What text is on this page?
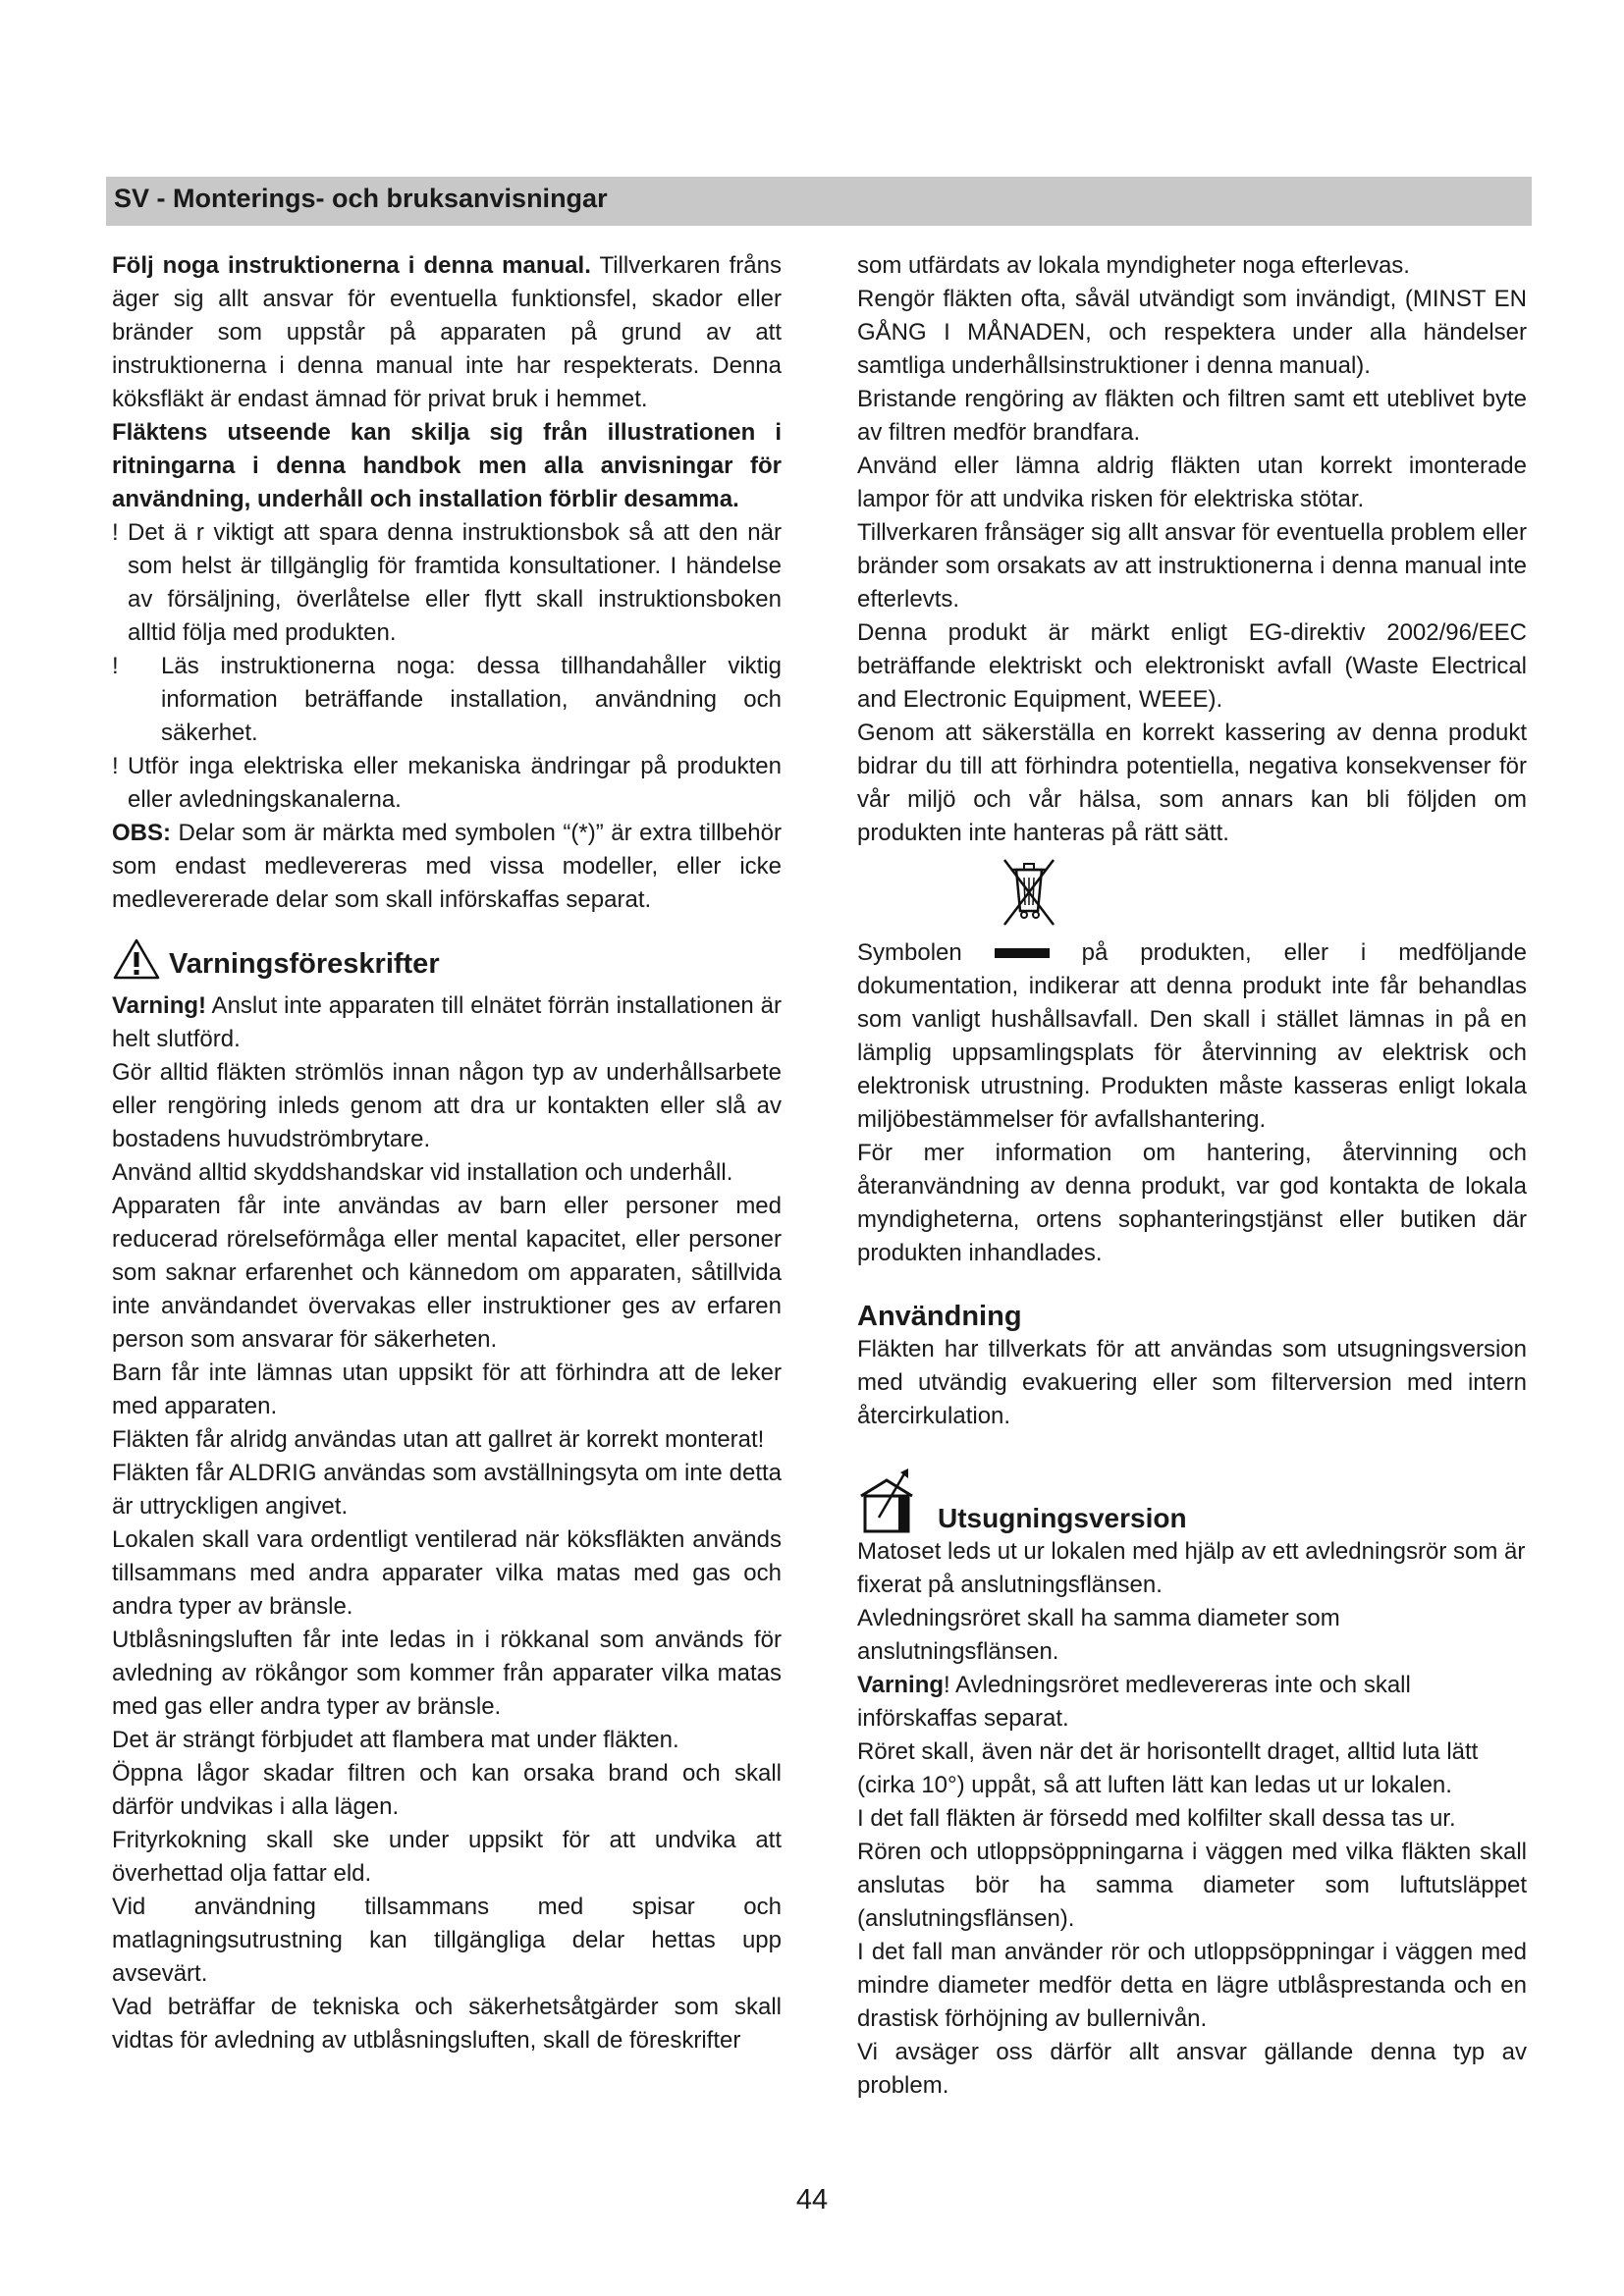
SV - Monterings- och bruksanvisningar

Följ noga instruktionerna i denna manual. Tillverkaren fråns äger sig allt ansvar för eventuella funktionsfel, skador eller bränder som uppstår på apparaten på grund av att instruktionerna i denna manual inte har respekterats. Denna köksfläkt är endast ämnad för privat bruk i hemmet.

Fläktens utseende kan skilja sig från illustrationen i ritningarna i denna handbok men alla anvisningar för användning, underhåll och installation förblir desamma.

! Det ä r viktigt att spara denna instruktionsbok så att den när som helst är tillgänglig för framtida konsultationer. I händelse av försäljning, överlåtelse eller flytt skall instruktionsboken alltid följa med produkten.
!	Läs instruktionerna noga: dessa tillhandahåller viktig information beträffande installation, användning och säkerhet.
! Utför inga elektriska eller mekaniska ändringar på produkten eller avledningskanalerna.

OBS: Delar som är märkta med symbolen “(*)” är extra tillbehör som endast medlevereras med vissa modeller, eller icke medlevererade delar som skall införskaffas separat.

Varningsföreskrifter

Varning! Anslut inte apparaten till elnätet förrän installationen är helt slutförd.

Gör alltid fläkten strömlös innan någon typ av underhållsarbete eller rengöring inleds genom att dra ur kontakten eller slå av bostadens huvudströmbrytare.

Använd alltid skyddshandskar vid installation och underhåll.

Apparaten får inte användas av barn eller personer med reducerad rörelseförmåga eller mental kapacitet, eller personer som saknar erfarenhet och kännedom om apparaten, såtillvida inte användandet övervakas eller instruktioner ges av erfaren person som ansvarar för säkerheten.

Barn får inte lämnas utan uppsikt för att förhindra att de leker med apparaten.

Fläkten får alridg användas utan att gallret är korrekt monterat!

Fläkten får ALDRIG användas som avställningsyta om inte detta är uttryckligen angivet.

Lokalen skall vara ordentligt ventilerad när köksfläkten används tillsammans med andra apparater vilka matas med gas och andra typer av bränsle.

Utblåsningsluften får inte ledas in i rökkanal som används för avledning av rökångor som kommer från apparater vilka matas med gas eller andra typer av bränsle.

Det är strängt förbjudet att flambera mat under fläkten.

Öppna lågor skadar filtren och kan orsaka brand och skall därför undvikas i alla lägen.

Frityrkokning skall ske under uppsikt för att undvika att överhettad olja fattar eld.

Vid användning tillsammans med spisar och matlagningsutrustning kan tillgängliga delar hettas upp avsevärt.

Vad beträffar de tekniska och säkerhetsåtgärder som skall vidtas för avledning av utblåsningsluften, skall de föreskrifter

som utfärdats av lokala myndigheter noga efterlevas.

Rengör fläkten ofta, såväl utvändigt som invändigt, (MINST EN GÅNG I MÅNADEN, och respektera under alla händelser samtliga underhållsinstruktioner i denna manual).

Bristande rengöring av fläkten och filtren samt ett uteblivet byte av filtren medför brandfara.

Använd eller lämna aldrig fläkten utan korrekt imonterade lampor för att undvika risken för elektriska stötar.

Tillverkaren frånsäger sig allt ansvar för eventuella problem eller bränder som orsakats av att instruktionerna i denna manual inte efterlevts.

Denna produkt är märkt enligt EG-direktiv 2002/96/EEC beträffande elektriskt och elektroniskt avfall (Waste Electrical and Electronic Equipment, WEEE).

Genom att säkerställa en korrekt kassering av denna produkt bidrar du till att förhindra potentiella, negativa konsekvenser för vår miljö och vår hälsa, som annars kan bli följden om produkten inte hanteras på rätt sätt.

Symbolen	på produkten, eller i medföljande

dokumentation, indikerar att denna produkt inte får behandlas som vanligt hushållsavfall. Den skall i stället lämnas in på en lämplig uppsamlingsplats för återvinning av elektrisk och elektronisk utrustning. Produkten måste kasseras enligt lokala miljöbestämmelser för avfallshantering.

För mer information om hantering, återvinning och återanvändning av denna produkt, var god kontakta de lokala myndigheterna, ortens sophanteringstjänst eller butiken där produkten inhandlades.

Användning

Fläkten har tillverkats för att användas som utsugningsversion med utvändig evakuering eller som filterversion med intern återcirkulation.

Utsugningsversion

Matoset leds ut ur lokalen med hjälp av ett avledningsrör som är fixerat på anslutningsflänsen.

Avledningsröret skall ha samma diameter som anslutningsflänsen.

Varning! Avledningsröret medlevereras inte och skall införskaffas separat.

Röret skall, även när det är horisontellt draget, alltid luta lätt (cirka 10°) uppåt, så att luften lätt kan ledas ut ur lokalen.

I det fall fläkten är försedd med kolfilter skall dessa tas ur.

Rören och utloppsöppningarna i väggen med vilka fläkten skall anslutas bör ha samma diameter som luftutsläppet (anslutningsflänsen).

I det fall man använder rör och utloppsöppningar i väggen med mindre diameter medför detta en lägre utblåsprestanda och en drastisk förhöjning av bullernivån.

Vi avsäger oss därför allt ansvar gällande denna typ av problem.

44
